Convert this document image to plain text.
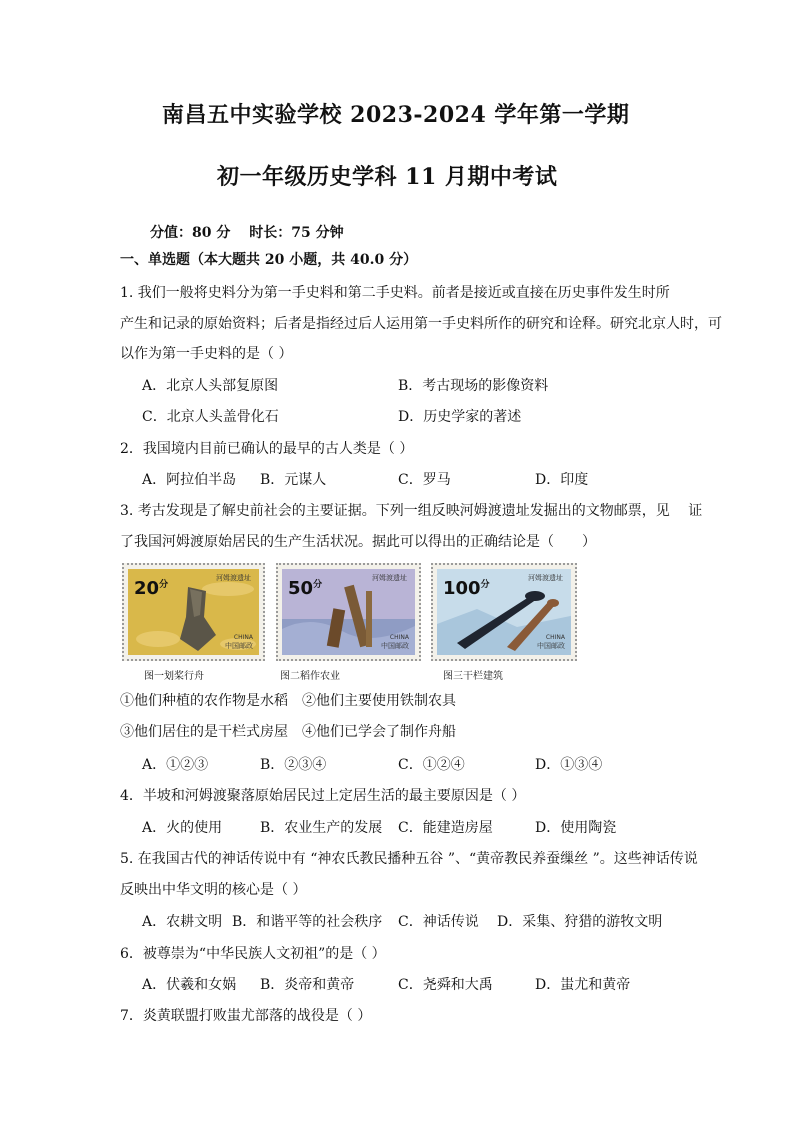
南昌五中实验学校 2023-2024 学年第一学期
初一年级历史学科 11 月期中考试
分值：80 分　 时长：75 分钟
一、单选题（本大题共 20 小题，共 40.0 分）
1. 我们一般将史料分为第一手史料和第二手史料。前者是接近或直接在历史事件发生时所
产生和记录的原始资料；后者是指经过后人运用第一手史料所作的研究和诠释。研究北京人时，可
以作为第一手史料的是（ ）
A．北京人头部复原图	B．考古现场的影像资料
C．北京人头盖骨化石	D．历史学家的著述
2．我国境内目前已确认的最早的古人类是（ ）
A．阿拉伯半岛 B．元谋人	C．罗马	D．印度
3. 考古发现是了解史前社会的主要证据。下列一组反映河姆渡遗址发掘出的文物邮票，见　 证
了我国河姆渡原始居民的生产生活状况。据此可以得出的正确结论是（　　）
$20^分$
河姆渡遗址
CHINA
中国邮政
图一划桨行舟
$50^分$
河姆渡遗址
CHINA
中国邮政
图二稻作农业
$100^分$
河姆渡遗址
CHINA
中国邮政
图三干栏建筑
①他们种植的农作物是水稻　②他们主要使用铁制农具
③他们居住的是干栏式房屋　④他们已学会了制作舟船
A．①②③	B．②③④	C．①②④	D．①③④
4．半坡和河姆渡聚落原始居民过上定居生活的最主要原因是（ ）
A．火的使用	B．农业生产的发展 C．能建造房屋	D．使用陶瓷
5. 在我国古代的神话传说中有 “神农氏教民播种五谷 ”、“黄帝教民养蚕缫丝 ”。这些神话传说
反映出中华文明的核心是（ ）
A．农耕文明 B．和谐平等的社会秩序 C．神话传说 D．采集、狩猎的游牧文明
6．被尊崇为“中华民族人文初祖”的是（ ）
A．伏羲和女娲 B．炎帝和黄帝	C．尧舜和大禹	D．蚩尤和黄帝
7．炎黄联盟打败蚩尤部落的战役是（ ）
